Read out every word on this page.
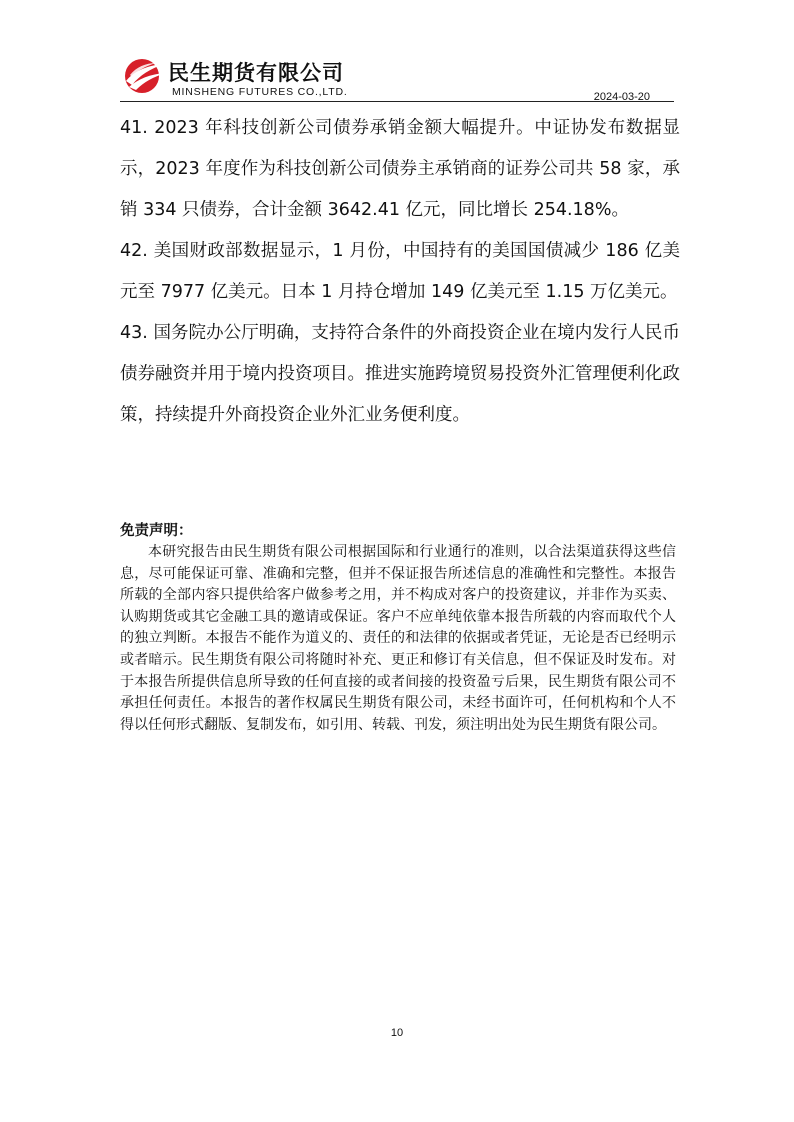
民生期货有限公司
MINSHENG FUTURES CO.,LTD.	2024-03-20

41. 2023 年科技创新公司债券承销金额大幅提升。中证协发布数据显示，2023 年度作为科技创新公司债券主承销商的证券公司共 58 家，承销 334 只债券，合计金额 3642.41 亿元，同比增长 254.18%。

42. 美国财政部数据显示，1 月份，中国持有的美国国债减少 186 亿美元至 7977 亿美元。日本 1 月持仓增加 149 亿美元至 1.15 万亿美元。

43. 国务院办公厅明确，支持符合条件的外商投资企业在境内发行人民币债券融资并用于境内投资项目。推进实施跨境贸易投资外汇管理便利化政策，持续提升外商投资企业外汇业务便利度。

免责声明：

本研究报告由民生期货有限公司根据国际和行业通行的准则，以合法渠道获得这些信息，尽可能保证可靠、准确和完整，但并不保证报告所述信息的准确性和完整性。本报告所载的全部内容只提供给客户做参考之用，并不构成对客户的投资建议，并非作为买卖、认购期货或其它金融工具的邀请或保证。客户不应单纯依靠本报告所载的内容而取代个人的独立判断。本报告不能作为道义的、责任的和法律的依据或者凭证，无论是否已经明示或者暗示。民生期货有限公司将随时补充、更正和修订有关信息，但不保证及时发布。对于本报告所提供信息所导致的任何直接的或者间接的投资盈亏后果，民生期货有限公司不承担任何责任。本报告的著作权属民生期货有限公司，未经书面许可，任何机构和个人不得以任何形式翻版、复制发布，如引用、转载、刊发，须注明出处为民生期货有限公司。

10
